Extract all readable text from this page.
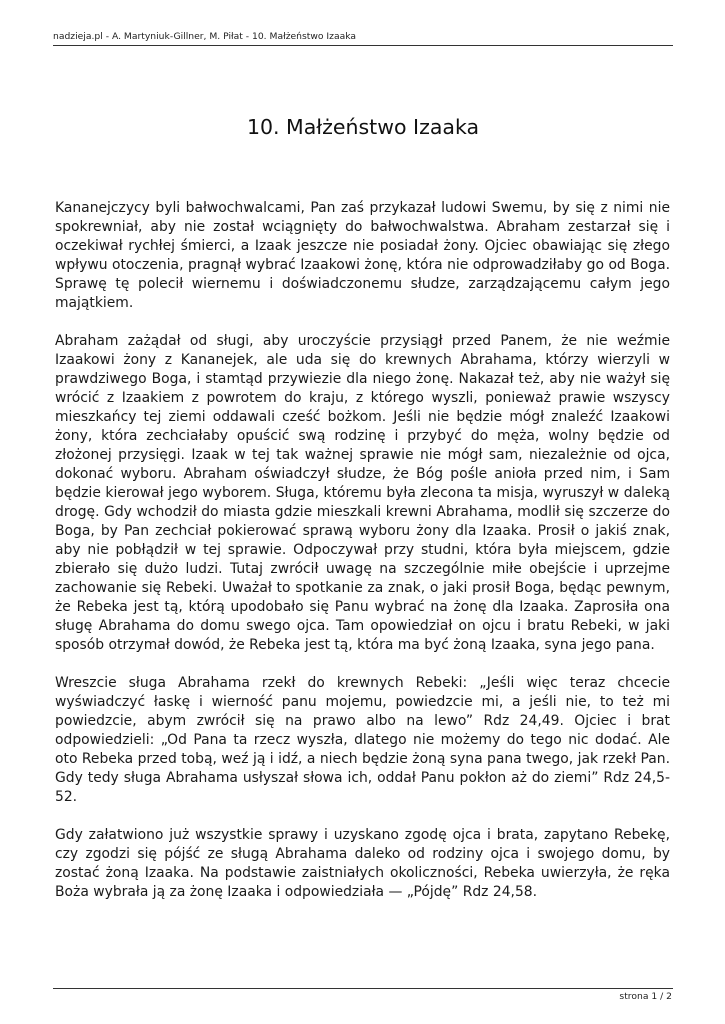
nadzieja.pl - A. Martyniuk-Gillner, M. Piłat - 10. Małżeństwo Izaaka
10. Małżeństwo Izaaka

Kananejczycy byli bałwochwalcami, Pan zaś przykazał ludowi Swemu, by się z nimi nie spokrewniał, aby nie został wciągnięty do bałwochwalstwa. Abraham zestarzał się i oczekiwał rychłej śmierci, a Izaak jeszcze nie posiadał żony. Ojciec obawiając się złego wpływu otoczenia, pragnął wybrać Izaakowi żonę, która nie odprowadziłaby go od Boga. Sprawę tę polecił wiernemu i doświadczonemu słudze, zarządzającemu całym jego majątkiem.

Abraham zażądał od sługi, aby uroczyście przysiągł przed Panem, że nie weźmie Izaakowi żony z Kananejek, ale uda się do krewnych Abrahama, którzy wierzyli w prawdziwego Boga, i stamtąd przywiezie dla niego żonę. Nakazał też, aby nie ważył się wrócić z Izaakiem z powrotem do kraju, z którego wyszli, ponieważ prawie wszyscy mieszkańcy tej ziemi oddawali cześć bożkom. Jeśli nie będzie mógł znaleźć Izaakowi żony, która zechciałaby opuścić swą rodzinę i przybyć do męża, wolny będzie od złożonej przysięgi. Izaak w tej tak ważnej sprawie nie mógł sam, niezależnie od ojca, dokonać wyboru. Abraham oświadczył słudze, że Bóg pośle anioła przed nim, i Sam będzie kierował jego wyborem. Sługa, któremu była zlecona ta misja, wyruszył w daleką drogę. Gdy wchodził do miasta gdzie mieszkali krewni Abrahama, modlił się szczerze do Boga, by Pan zechciał pokierować sprawą wyboru żony dla Izaaka. Prosił o jakiś znak, aby nie pobłądził w tej sprawie. Odpoczywał przy studni, która była miejscem, gdzie zbierało się dużo ludzi. Tutaj zwrócił uwagę na szczególnie miłe obejście i uprzejme zachowanie się Rebeki. Uważał to spotkanie za znak, o jaki prosił Boga, będąc pewnym, że Rebeka jest tą, którą upodobało się Panu wybrać na żonę dla Izaaka. Zaprosiła ona sługę Abrahama do domu swego ojca. Tam opowiedział on ojcu i bratu Rebeki, w jaki sposób otrzymał dowód, że Rebeka jest tą, która ma być żoną Izaaka, syna jego pana.

Wreszcie sługa Abrahama rzekł do krewnych Rebeki: „Jeśli więc teraz chcecie wyświadczyć łaskę i wierność panu mojemu, powiedzcie mi, a jeśli nie, to też mi powiedzcie, abym zwrócił się na prawo albo na lewo” Rdz 24,49. Ojciec i brat odpowiedzieli: „Od Pana ta rzecz wyszła, dlatego nie możemy do tego nic dodać. Ale oto Rebeka przed tobą, weź ją i idź, a niech będzie żoną syna pana twego, jak rzekł Pan. Gdy tedy sługa Abrahama usłyszał słowa ich, oddał Panu pokłon aż do ziemi” Rdz 24,5-52.

Gdy załatwiono już wszystkie sprawy i uzyskano zgodę ojca i brata, zapytano Rebekę, czy zgodzi się pójść ze sługą Abrahama daleko od rodziny ojca i swojego domu, by zostać żoną Izaaka. Na podstawie zaistniałych okoliczności, Rebeka uwierzyła, że ręka Boża wybrała ją za żonę Izaaka i odpowiedziała — „Pójdę” Rdz 24,58.

strona 1 / 2
